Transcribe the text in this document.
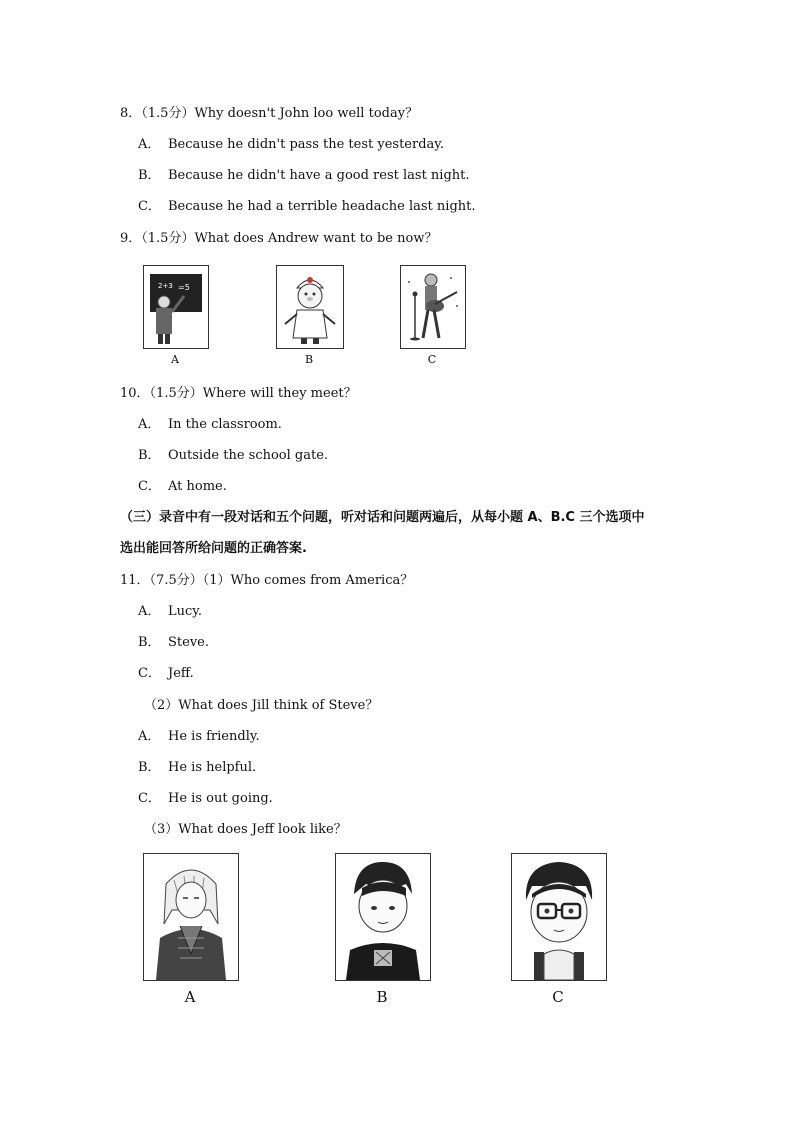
8．（1.5分）Why doesn't John loo well today？
A． Because he didn't pass the test yesterday.
B． Because he didn't have a good rest last night.
C． Because he had a terrible headache last night.
9．（1.5分）What does Andrew want to be now？
2+3 =5
A	B	C
10．（1.5分）Where will they meet？
A． In the classroom.
B． Outside the school gate.
C． At home.
（三）录音中有一段对话和五个问题，听对话和问题两遍后，从每小题 A、B.C 三个选项中
选出能回答所给问题的正确答案.
11．（7.5分）（1）Who comes from America？
A． Lucy.
B． Steve.
C． Jeff.
（2）What does Jill think of Steve？
A． He is friendly.
B． He is helpful.
C． He is out going.
（3）What does Jeff look like？
A	B	C
